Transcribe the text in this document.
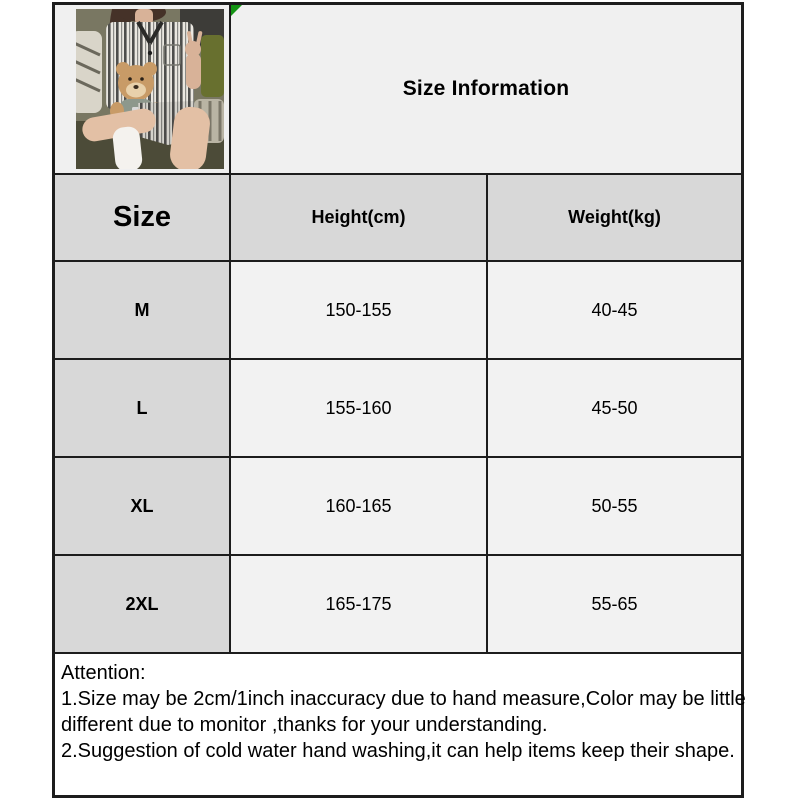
Size Information
Size	Height(cm)	Weight(kg)
M	150-155	40-45
L	155-160	45-50
XL	160-165	50-55
2XL	165-175	55-65
Attention:
1.Size may be 2cm/1inch inaccuracy due to hand measure,Color may be little
different due to monitor ,thanks for your understanding.
2.Suggestion of cold water hand washing,it can help items keep their shape.
